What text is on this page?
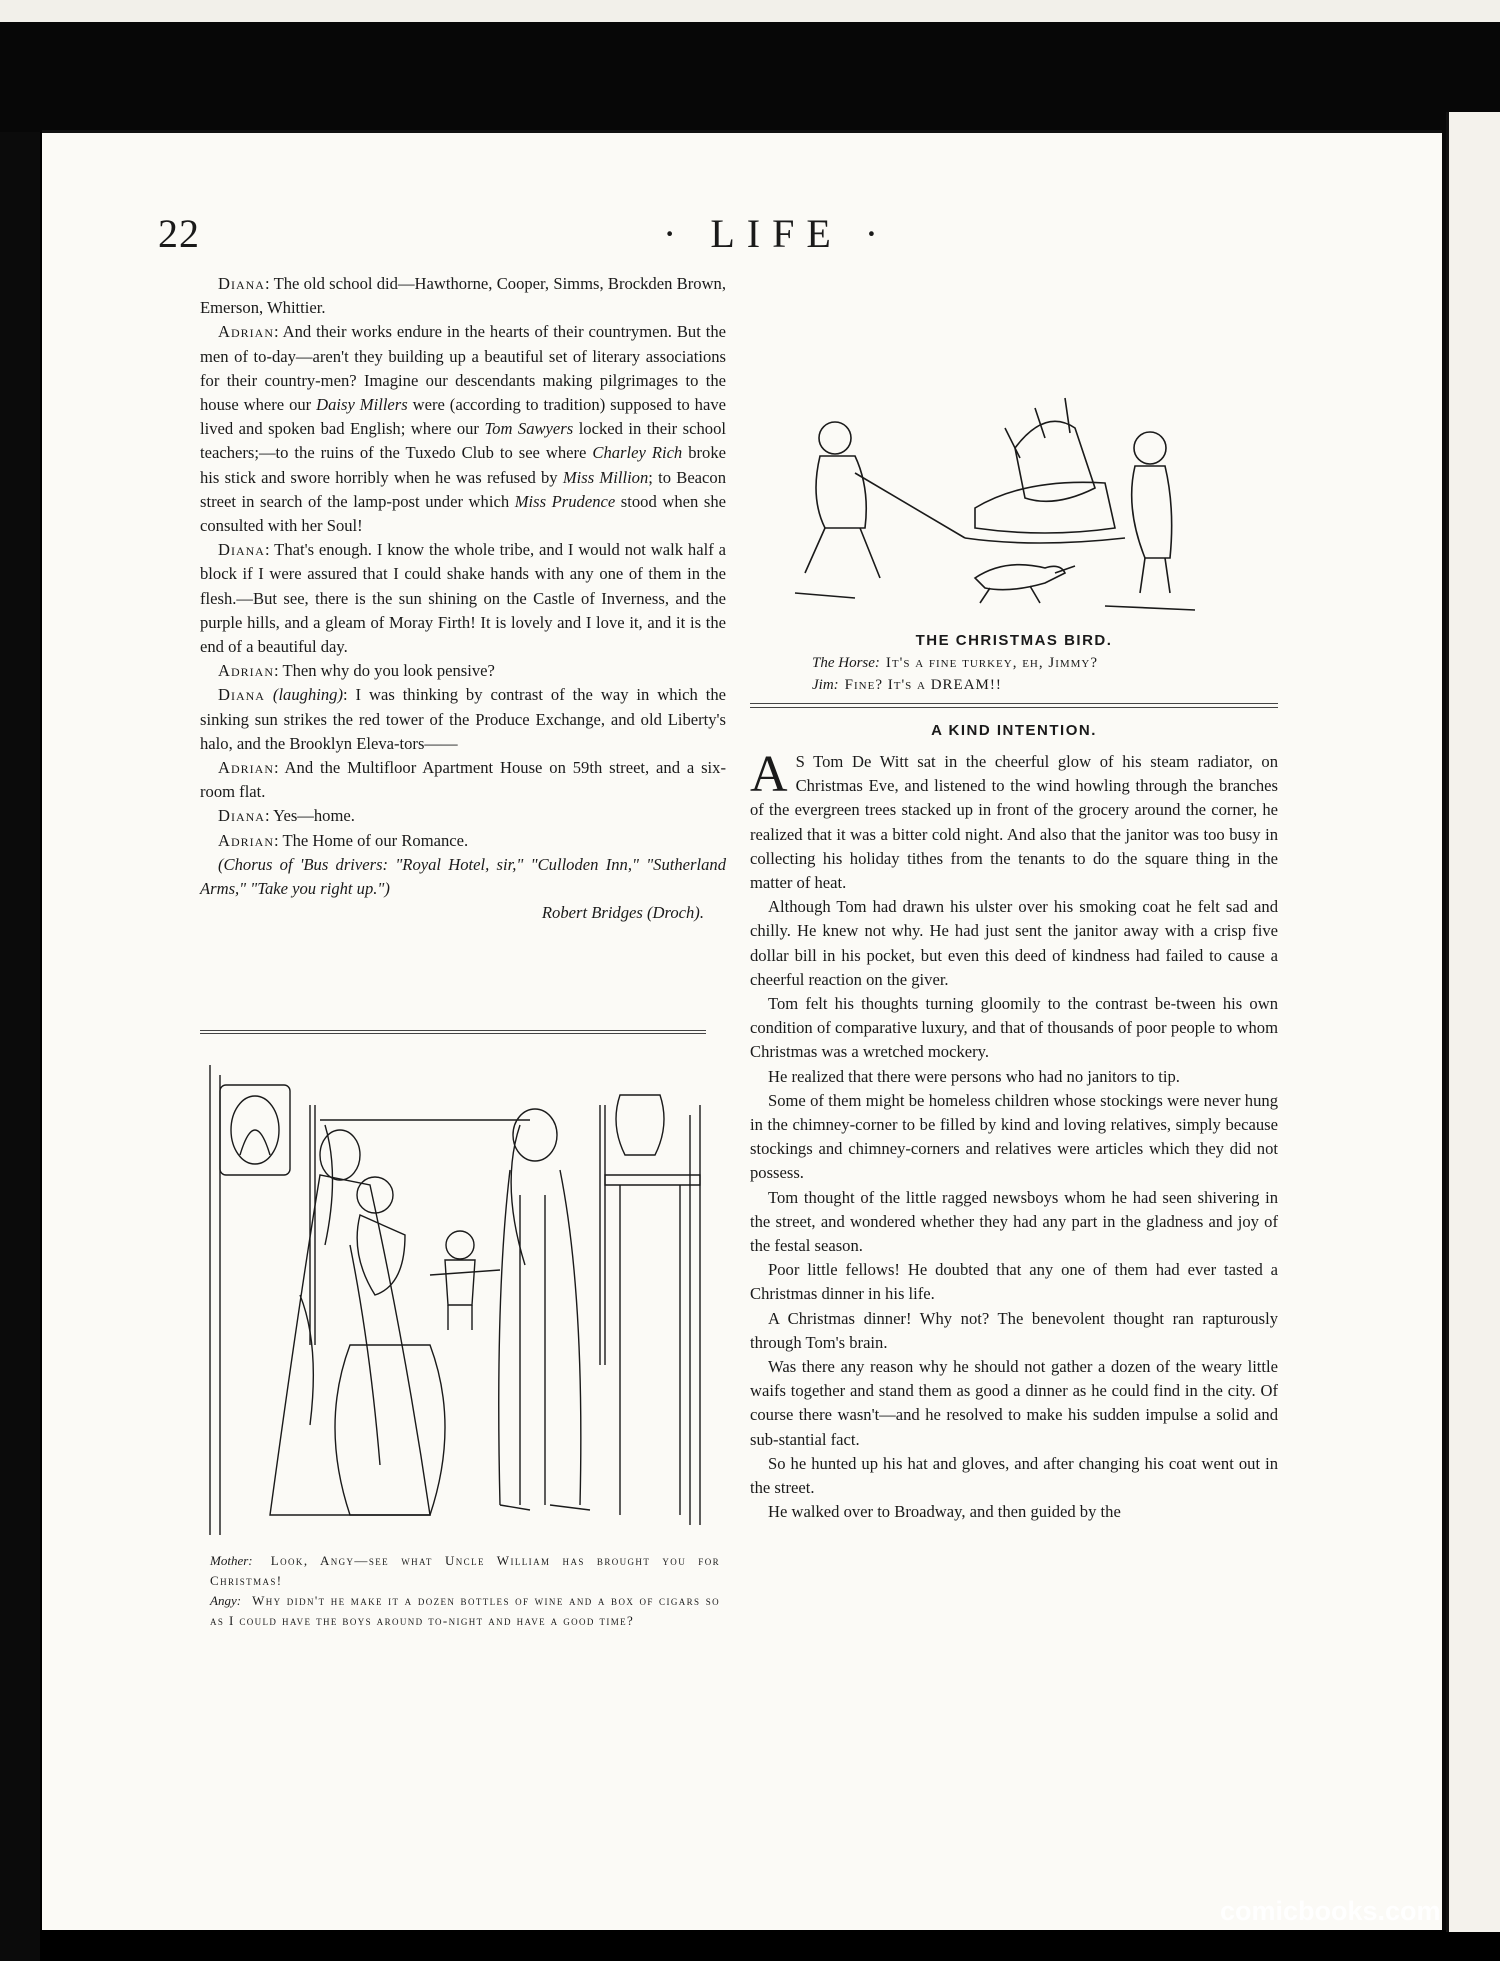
22	· LIFE ·

Diana: The old school did—Hawthorne, Cooper, Simms, Brockden Brown, Emerson, Whittier.

Adrian: And their works endure in the hearts of their countrymen. But the men of to-day—aren't they building up a beautiful set of literary associations for their country-men? Imagine our descendants making pilgrimages to the house where our Daisy Millers were (according to tradition) supposed to have lived and spoken bad English; where our Tom Sawyers locked in their school teachers;—to the ruins of the Tuxedo Club to see where Charley Rich broke his stick and swore horribly when he was refused by Miss Million; to Beacon street in search of the lamp-post under which Miss Prudence stood when she consulted with her Soul!

Diana: That's enough. I know the whole tribe, and I would not walk half a block if I were assured that I could shake hands with any one of them in the flesh.—But see, there is the sun shining on the Castle of Inverness, and the purple hills, and a gleam of Moray Firth! It is lovely and I love it, and it is the end of a beautiful day.

Adrian: Then why do you look pensive?

Diana (laughing): I was thinking by contrast of the way in which the sinking sun strikes the red tower of the Produce Exchange, and old Liberty's halo, and the Brooklyn Eleva-tors——

Adrian: And the Multifloor Apartment House on 59th street, and a six-room flat.

Diana: Yes—home.

Adrian: The Home of our Romance.

(Chorus of 'Bus drivers: "Royal Hotel, sir," "Culloden Inn," "Sutherland Arms," "Take you right up.")

Robert Bridges (Droch).

Mother: Look, Angy—see what Uncle William has brought you for Christmas!
Angy: Why didn't he make it a dozen bottles of wine and a box of cigars so as I could have the boys around to-night and have a good time?
THE CHRISTMAS BIRD.
The Horse: It's a fine turkey, eh, Jimmy?
Jim: Fine? It's a DREAM!!
A KIND INTENTION.

A S Tom De Witt sat in the cheerful glow of his steam radiator, on Christmas Eve, and listened to the wind howling through the branches of the evergreen trees stacked up in front of the grocery around the corner, he realized that it was a bitter cold night. And also that the janitor was too busy in collecting his holiday tithes from the tenants to do the square thing in the matter of heat.

Although Tom had drawn his ulster over his smoking coat he felt sad and chilly. He knew not why. He had just sent the janitor away with a crisp five dollar bill in his pocket, but even this deed of kindness had failed to cause a cheerful reaction on the giver.

Tom felt his thoughts turning gloomily to the contrast be-tween his own condition of comparative luxury, and that of thousands of poor people to whom Christmas was a wretched mockery.

He realized that there were persons who had no janitors to tip.

Some of them might be homeless children whose stockings were never hung in the chimney-corner to be filled by kind and loving relatives, simply because stockings and chimney-corners and relatives were articles which they did not possess.

Tom thought of the little ragged newsboys whom he had seen shivering in the street, and wondered whether they had any part in the gladness and joy of the festal season.

Poor little fellows! He doubted that any one of them had ever tasted a Christmas dinner in his life.

A Christmas dinner! Why not? The benevolent thought ran rapturously through Tom's brain.

Was there any reason why he should not gather a dozen of the weary little waifs together and stand them as good a dinner as he could find in the city. Of course there wasn't—and he resolved to make his sudden impulse a solid and sub-stantial fact.

So he hunted up his hat and gloves, and after changing his coat went out in the street.

He walked over to Broadway, and then guided by the

comicbooks.com
